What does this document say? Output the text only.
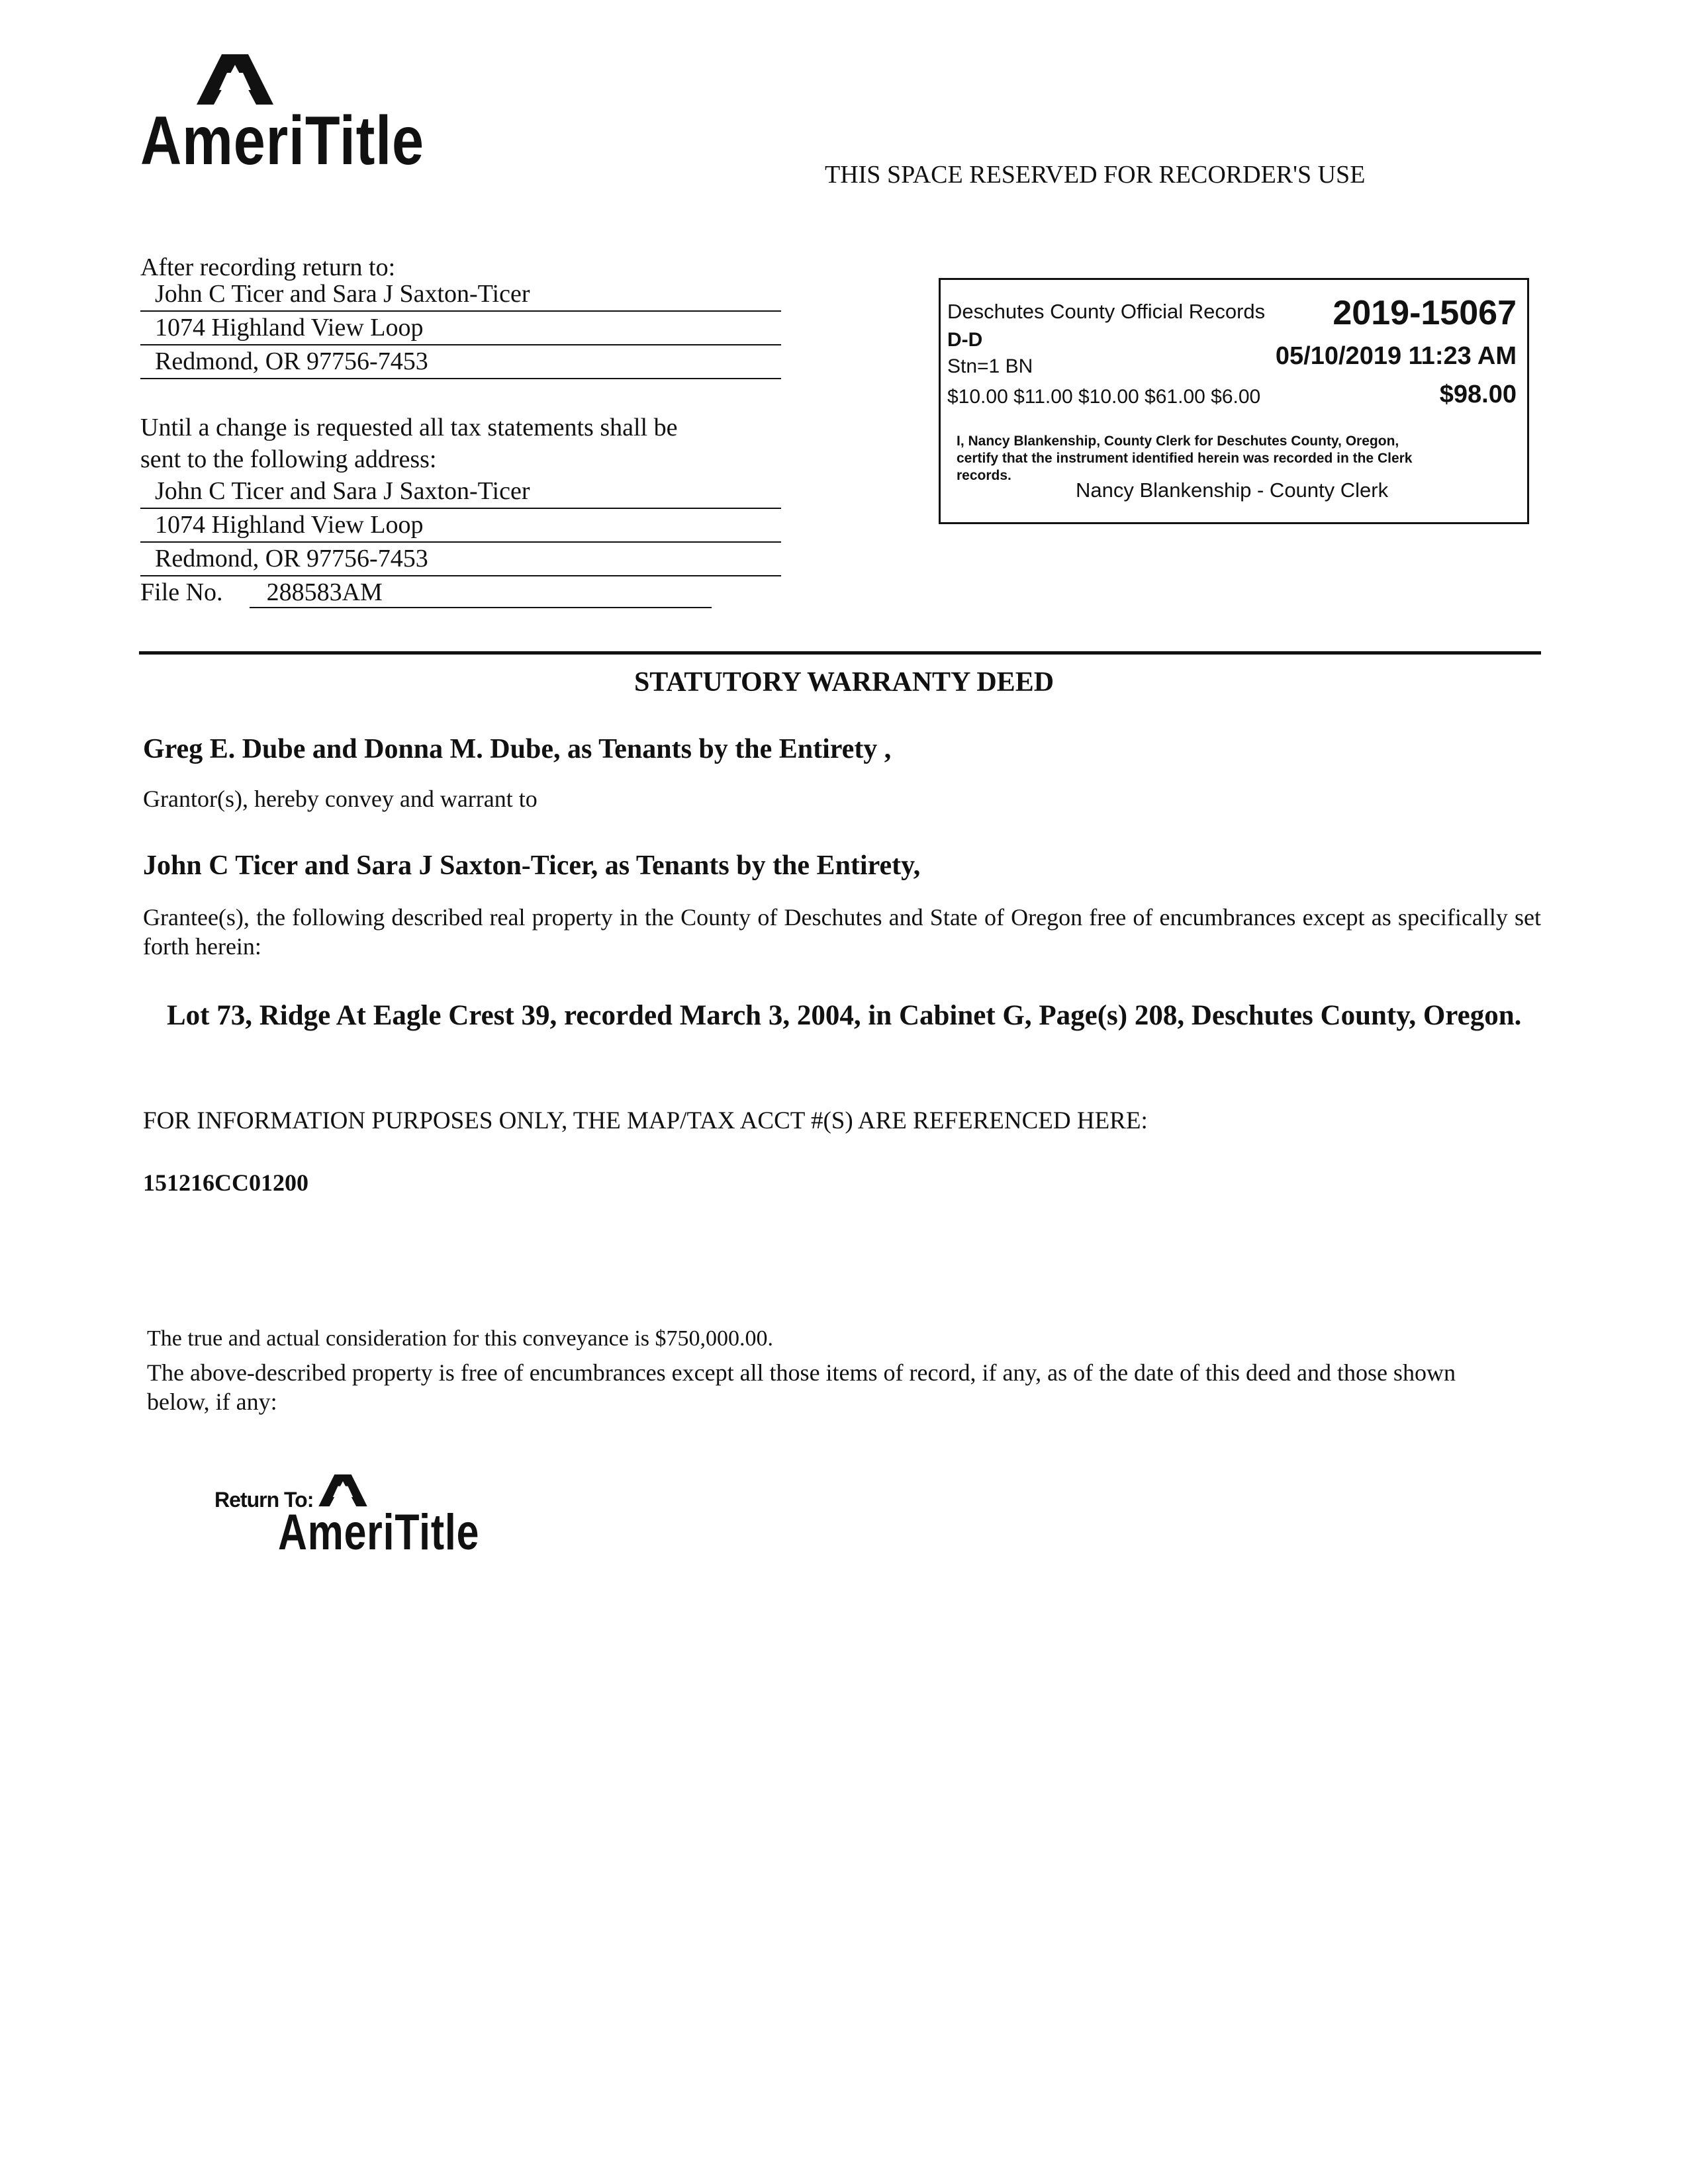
AmeriTitle	THIS SPACE RESERVED FOR RECORDER'S USE
After recording return to:
John C Ticer and Sara J Saxton-Ticer
1074 Highland View Loop
Redmond, OR 97756-7453
Until a change is requested all tax statements shall be
sent to the following address:
John C Ticer and Sara J Saxton-Ticer
1074 Highland View Loop
Redmond, OR 97756-7453
File No. 288583AM
Deschutes County Official Records 2019-15067
D-D
Stn=1 BN	05/10/2019 11:23 AM
$10.00 $11.00 $10.00 $61.00 $6.00	$98.00
I, Nancy Blankenship, County Clerk for Deschutes County, Oregon,
certify that the instrument identified herein was recorded in the Clerk
records.
Nancy Blankenship - County Clerk
STATUTORY WARRANTY DEED
Greg E. Dube and Donna M. Dube, as Tenants by the Entirety ,
Grantor(s), hereby convey and warrant to
John C Ticer and Sara J Saxton-Ticer, as Tenants by the Entirety,
Grantee(s), the following described real property in the County of Deschutes and State of Oregon free of encumbrances except as specifically set forth herein:
Lot 73, Ridge At Eagle Crest 39, recorded March 3, 2004, in Cabinet G, Page(s) 208, Deschutes County, Oregon.
FOR INFORMATION PURPOSES ONLY, THE MAP/TAX ACCT #(S) ARE REFERENCED HERE:
151216CC01200
The true and actual consideration for this conveyance is $750,000.00.
The above-described property is free of encumbrances except all those items of record, if any, as of the date of this deed and those shown below, if any:
Return To:
AmeriTitle
